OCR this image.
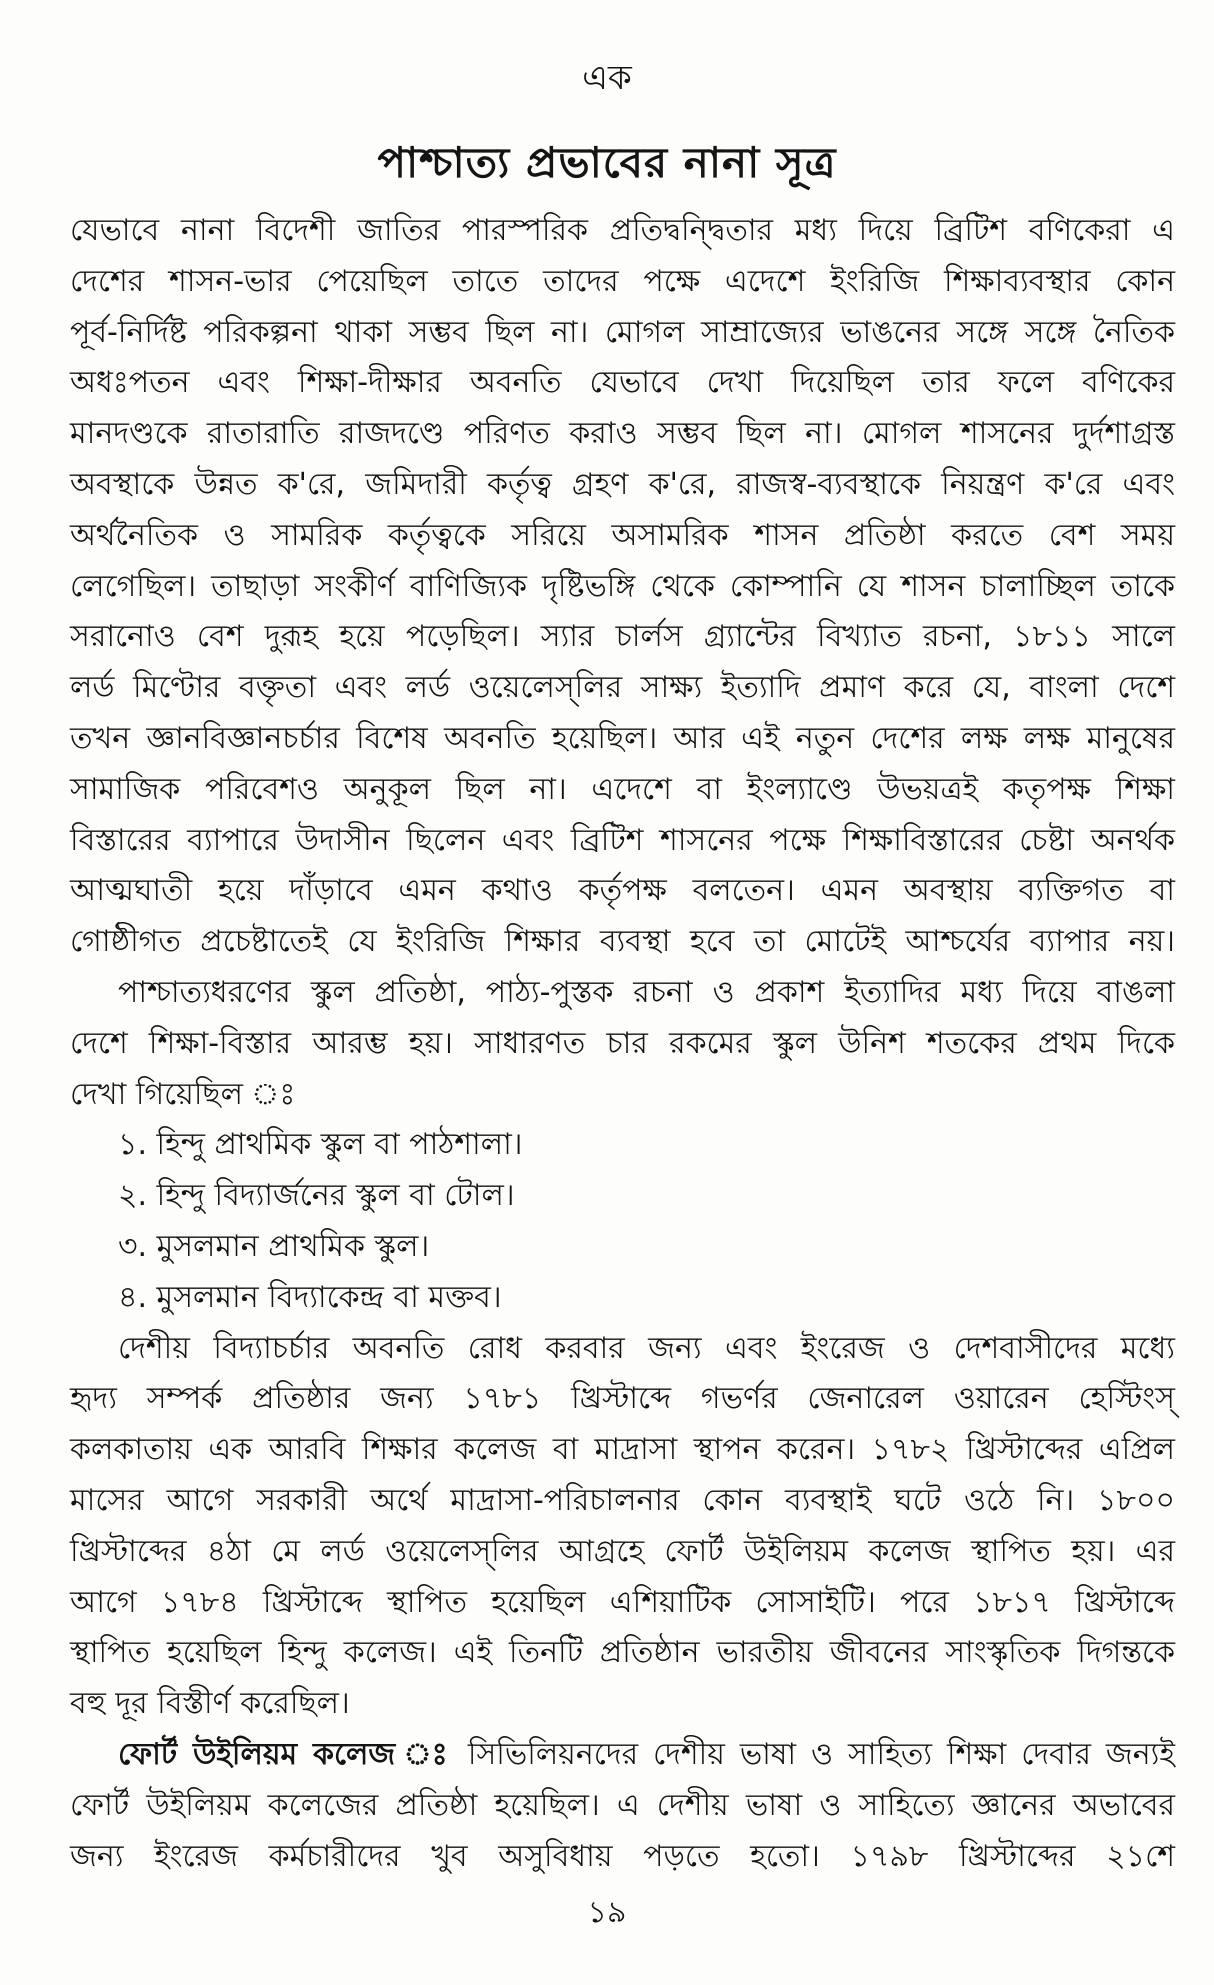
এক
পাশ্চাত্য প্রভাবের নানা সূত্র
যেভাবে নানা বিদেশী জাতির পারস্পরিক প্রতিদ্বন্দ্বিতার মধ্য দিয়ে ব্রিটিশ বণিকেরা এ
দেশের শাসন-ভার পেয়েছিল তাতে তাদের পক্ষে এদেশে ইংরিজি শিক্ষাব্যবস্থার কোন
পূর্ব-নির্দিষ্ট পরিকল্পনা থাকা সম্ভব ছিল না। মোগল সাম্রাজ্যের ভাঙনের সঙ্গে সঙ্গে নৈতিক
অধঃপতন এবং শিক্ষা-দীক্ষার অবনতি যেভাবে দেখা দিয়েছিল তার ফলে বণিকের
মানদণ্ডকে রাতারাতি রাজদণ্ডে পরিণত করাও সম্ভব ছিল না। মোগল শাসনের দুর্দশাগ্রস্ত
অবস্থাকে উন্নত ক'রে, জমিদারী কর্তৃত্ব গ্রহণ ক'রে, রাজস্ব-ব্যবস্থাকে নিয়ন্ত্রণ ক'রে এবং
অর্থনৈতিক ও সামরিক কর্তৃত্বকে সরিয়ে অসামরিক শাসন প্রতিষ্ঠা করতে বেশ সময়
লেগেছিল। তাছাড়া সংকীর্ণ বাণিজ্যিক দৃষ্টিভঙ্গি থেকে কোম্পানি যে শাসন চালাচ্ছিল তাকে
সরানোও বেশ দুরূহ হয়ে পড়েছিল। স্যার চার্লস গ্র্যান্টের বিখ্যাত রচনা, ১৮১১ সালে
লর্ড মিণ্টোর বক্তৃতা এবং লর্ড ওয়েলেস্‌লির সাক্ষ্য ইত্যাদি প্রমাণ করে যে, বাংলা দেশে
তখন জ্ঞানবিজ্ঞানচর্চার বিশেষ অবনতি হয়েছিল। আর এই নতুন দেশের লক্ষ লক্ষ মানুষের
সামাজিক পরিবেশও অনুকূল ছিল না। এদেশে বা ইংল্যাণ্ডে উভয়ত্রই কতৃপক্ষ শিক্ষা
বিস্তারের ব্যাপারে উদাসীন ছিলেন এবং ব্রিটিশ শাসনের পক্ষে শিক্ষাবিস্তারের চেষ্টা অনর্থক
আত্মঘাতী হয়ে দাঁড়াবে এমন কথাও কর্তৃপক্ষ বলতেন। এমন অবস্থায় ব্যক্তিগত বা
গোষ্ঠীগত প্রচেষ্টাতেই যে ইংরিজি শিক্ষার ব্যবস্থা হবে তা মোটেই আশ্চর্যের ব্যাপার নয়।
পাশ্চাত্যধরণের স্কুল প্রতিষ্ঠা, পাঠ্য-পুস্তক রচনা ও প্রকাশ ইত্যাদির মধ্য দিয়ে বাঙলা
দেশে শিক্ষা-বিস্তার আরম্ভ হয়। সাধারণত চার রকমের স্কুল উনিশ শতকের প্রথম দিকে
দেখা গিয়েছিল ঃ
১. হিন্দু প্রাথমিক স্কুল বা পাঠশালা।
২. হিন্দু বিদ্যার্জনের স্কুল বা টোল।
৩. মুসলমান প্রাথমিক স্কুল।
৪. মুসলমান বিদ্যাকেন্দ্র বা মক্তব।
দেশীয় বিদ্যাচর্চার অবনতি রোধ করবার জন্য এবং ইংরেজ ও দেশবাসীদের মধ্যে
হৃদ্য সম্পর্ক প্রতিষ্ঠার জন্য ১৭৮১ খ্রিস্টাব্দে গভর্ণর জেনারেল ওয়ারেন হেস্টিংস্
কলকাতায় এক আরবি শিক্ষার কলেজ বা মাদ্রাসা স্থাপন করেন। ১৭৮২ খ্রিস্টাব্দের এপ্রিল
মাসের আগে সরকারী অর্থে মাদ্রাসা-পরিচালনার কোন ব্যবস্থাই ঘটে ওঠে নি। ১৮০০
খ্রিস্টাব্দের ৪ঠা মে লর্ড ওয়েলেস্‌লির আগ্রহে ফোর্ট উইলিয়ম কলেজ স্থাপিত হয়। এর
আগে ১৭৮৪ খ্রিস্টাব্দে স্থাপিত হয়েছিল এশিয়াটিক সোসাইটি। পরে ১৮১৭ খ্রিস্টাব্দে
স্থাপিত হয়েছিল হিন্দু কলেজ। এই তিনটি প্রতিষ্ঠান ভারতীয় জীবনের সাংস্কৃতিক দিগন্তকে
বহু দূর বিস্তীর্ণ করেছিল।
ফোর্ট উইলিয়ম কলেজ ঃ সিভিলিয়নদের দেশীয় ভাষা ও সাহিত্য শিক্ষা দেবার জন্যই
ফোর্ট উইলিয়ম কলেজের প্রতিষ্ঠা হয়েছিল। এ দেশীয় ভাষা ও সাহিত্যে জ্ঞানের অভাবের
জন্য ইংরেজ কর্মচারীদের খুব অসুবিধায় পড়তে হতো। ১৭৯৮ খ্রিস্টাব্দের ২১শে
১৯
